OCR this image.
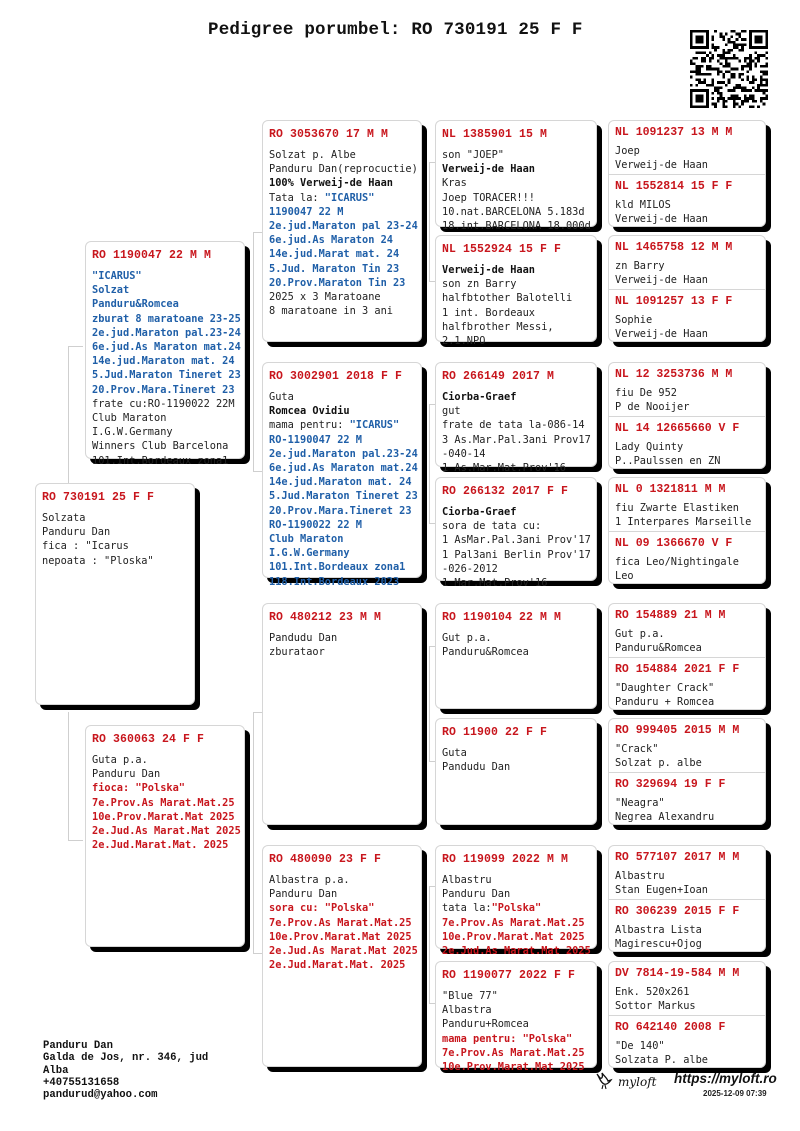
Pedigree porumbel: RO 730191 25 F F
RO 730191 25 F F
Solzata
Panduru Dan
fica : "Icarus
nepoata : "Ploska"
RO 1190047 22 M M
"ICARUS"
Solzat
Panduru&Romcea
zburat 8 maratoane 23-25
2e.jud.Maraton pal.23-24
6e.jud.As Maraton mat.24
14e.jud.Maraton mat. 24
5.Jud.Maraton Tineret 23
20.Prov.Mara.Tineret 23
frate cu:RO-1190022 22M
Club Maraton
I.G.W.Germany
Winners Club Barcelona
101.Int.Bordeaux zona1
RO 360063 24 F F
Guta p.a.
Panduru Dan
fioca: "Polska"
7e.Prov.As Marat.Mat.25
10e.Prov.Marat.Mat 2025
2e.Jud.As Marat.Mat 2025
2e.Jud.Marat.Mat. 2025
RO 3053670 17 M M
Solzat p. Albe
Panduru Dan(reprocuctie)
100% Verweij-de Haan
Tata la: "ICARUS"
1190047 22 M
2e.jud.Maraton pal 23-24
6e.jud.As Maraton 24
14e.jud.Marat mat. 24
5.Jud. Maraton Tin 23
20.Prov.Maraton Tin 23
2025 x 3 Maratoane
8 maratoane in 3 ani
RO 3002901 2018 F F
Guta
Romcea Ovidiu
mama pentru: "ICARUS"
RO-1190047 22 M
2e.jud.Maraton pal.23-24
6e.jud.As Maraton mat.24
14e.jud.Maraton mat. 24
5.Jud.Maraton Tineret 23
20.Prov.Mara.Tineret 23
RO-1190022 22 M
Club Maraton
I.G.W.Germany
101.Int.Bordeaux zona1
118.Int.Bordeaux 2023
RO 480212 23 M M
Pandudu Dan
zburataor
RO 480090 23 F F
Albastra p.a.
Panduru Dan
sora cu: "Polska"
7e.Prov.As Marat.Mat.25
10e.Prov.Marat.Mat 2025
2e.Jud.As Marat.Mat 2025
2e.Jud.Marat.Mat. 2025
NL 1385901 15 M
son "JOEP"
Verweij-de Haan
Kras
Joep TORACER!!!
10.nat.BARCELONA 5.183d
18.int.BARCELONA 18.000d
NL 1552924 15 F F
Verweij-de Haan
son zn Barry
halfbtother Balotelli
1 int. Bordeaux
halfbrother Messi,
2.1.NPO
RO 266149 2017 M
Ciorba-Graef
gut
frate de tata la-086-14
3 As.Mar.Pal.3ani Prov17
-040-14
1 As.Mar.Mat.Prov'16
RO 266132 2017 F F
Ciorba-Graef
sora de tata cu:
1 AsMar.Pal.3ani Prov'17
1 Pal3ani Berlin Prov'17
-026-2012
1 Mar.Mat.Prov'16
RO 1190104 22 M M
Gut p.a.
Panduru&Romcea
RO 11900 22 F F
Guta
Pandudu Dan
RO 119099 2022 M M
Albastru
Panduru Dan
tata la:"Polska"
7e.Prov.As Marat.Mat.25
10e.Prov.Marat.Mat 2025
2e.Jud.As Marat.Mat 2025
RO 1190077 2022 F F
"Blue 77"
Albastra
Panduru+Romcea
mama pentru: "Polska"
7e.Prov.As Marat.Mat.25
10e.Prov.Marat.Mat 2025
NL 1091237 13 M M
Joep
Verweij-de Haan
NL 1552814 15 F F
kld MILOS
Verweij-de Haan
NL 1465758 12 M M
zn Barry
Verweij-de Haan
NL 1091257 13 F F
Sophie
Verweij-de Haan
NL 12 3253736 M M
fiu De 952
P de Nooijer
NL 14 12665660 V F
Lady Quinty
P..Paulssen en ZN
NL 0 1321811 M M
fiu Zwarte Elastiken
1 Interpares Marseille
NL 09 1366670 V F
fica Leo/Nightingale
Leo
RO 154889 21 M M
Gut p.a.
Panduru&Romcea
RO 154884 2021 F F
"Daughter Crack"
Panduru + Romcea
RO 999405 2015 M M
"Crack"
Solzat p. albe
RO 329694 19 F F
"Neagra"
Negrea Alexandru
RO 577107 2017 M M
Albastru
Stan Eugen+Ioan
RO 306239 2015 F F
Albastra Lista
Magirescu+Ojog
DV 7814-19-584 M M
Enk. 520x261
Sottor Markus
RO 642140 2008 F
"De 140"
Solzata P. albe
Panduru Dan
Galda de Jos, nr. 346, jud
Alba
+40755131658
pandurud@yahoo.com
myloft https://myloft.ro
2025-12-09 07:39
